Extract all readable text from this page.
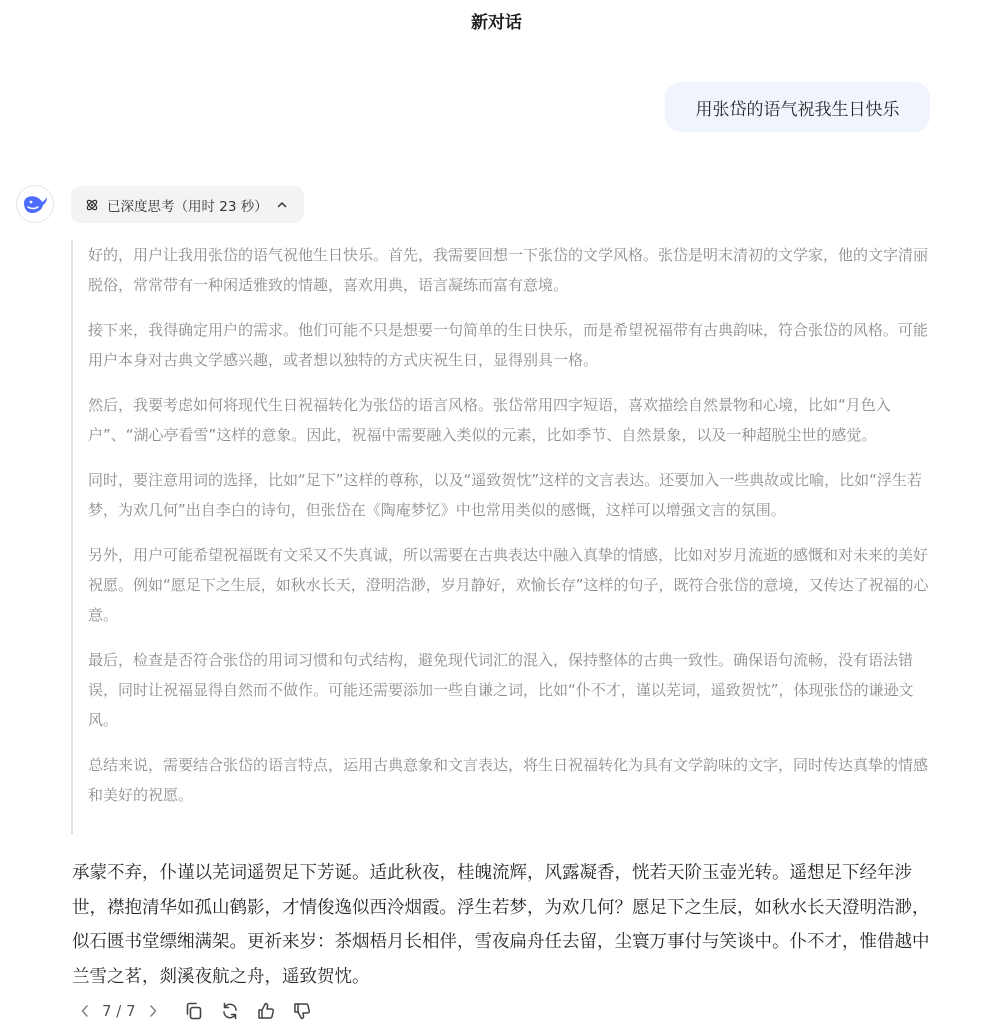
新对话
用张岱的语气祝我生日快乐
已深度思考（用时 23 秒）

好的，用户让我用张岱的语气祝他生日快乐。首先，我需要回想一下张岱的文学风格。张岱是明末清初的文学家，他的文字清丽脱俗，常常带有一种闲适雅致的情趣，喜欢用典，语言凝练而富有意境。

接下来，我得确定用户的需求。他们可能不只是想要一句简单的生日快乐，而是希望祝福带有古典韵味，符合张岱的风格。可能用户本身对古典文学感兴趣，或者想以独特的方式庆祝生日，显得别具一格。

然后，我要考虑如何将现代生日祝福转化为张岱的语言风格。张岱常用四字短语，喜欢描绘自然景物和心境，比如“月色入户”、“湖心亭看雪”这样的意象。因此，祝福中需要融入类似的元素，比如季节、自然景象，以及一种超脱尘世的感觉。

同时，要注意用词的选择，比如“足下”这样的尊称，以及“遥致贺忱”这样的文言表达。还要加入一些典故或比喻，比如“浮生若梦，为欢几何”出自李白的诗句，但张岱在《陶庵梦忆》中也常用类似的感慨，这样可以增强文言的氛围。

另外，用户可能希望祝福既有文采又不失真诚，所以需要在古典表达中融入真挚的情感，比如对岁月流逝的感慨和对未来的美好祝愿。例如“愿足下之生辰，如秋水长天，澄明浩渺，岁月静好，欢愉长存”这样的句子，既符合张岱的意境，又传达了祝福的心意。

最后，检查是否符合张岱的用词习惯和句式结构，避免现代词汇的混入，保持整体的古典一致性。确保语句流畅，没有语法错误，同时让祝福显得自然而不做作。可能还需要添加一些自谦之词，比如“仆不才，谨以芜词，遥致贺忱”，体现张岱的谦逊文风。

总结来说，需要结合张岱的语言特点，运用古典意象和文言表达，将生日祝福转化为具有文学韵味的文字，同时传达真挚的情感和美好的祝愿。

承蒙不弃，仆谨以芜词遥贺足下芳诞。适此秋夜，桂魄流辉，风露凝香，恍若天阶玉壶光转。遥想足下经年涉世，襟抱清华如孤山鹤影，才情俊逸似西泠烟霞。浮生若梦，为欢几何？愿足下之生辰，如秋水长天澄明浩渺，似石匮书堂缥缃满架。更祈来岁：茶烟梧月长相伴，雪夜扁舟任去留，尘寰万事付与笑谈中。仆不才，惟借越中兰雪之茗，剡溪夜航之舟，遥致贺忱。
7 / 7
